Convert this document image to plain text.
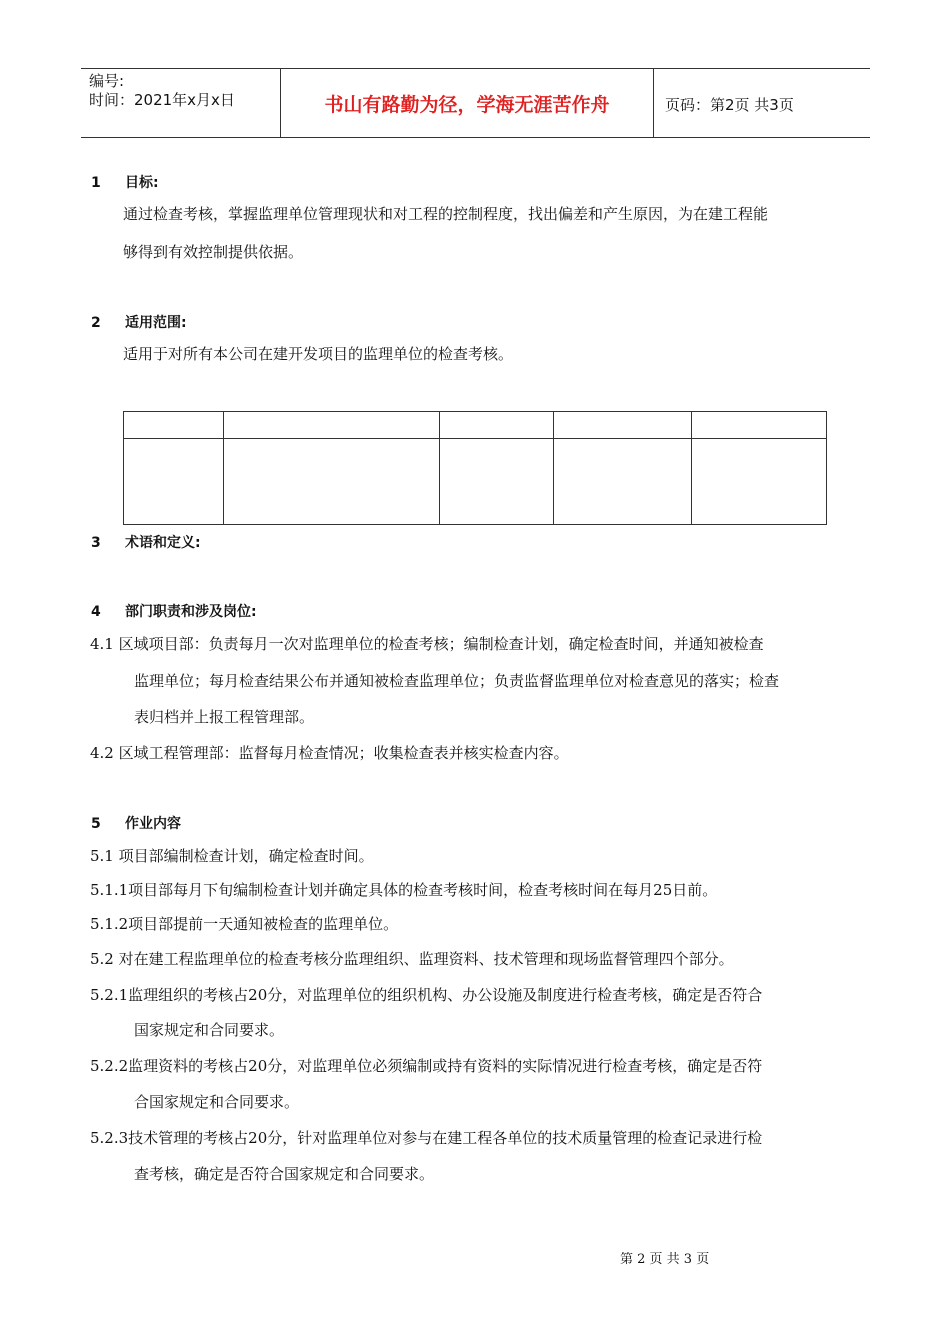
编号:
时间：2021年x月x日	书山有路勤为径，学海无涯苦作舟	页码：第2页 共3页
1 目标:
通过检查考核，掌握监理单位管理现状和对工程的控制程度，找出偏差和产生原因，为在建工程能
够得到有效控制提供依据。
2 适用范围:
适用于对所有本公司在建开发项目的监理单位的检查考核。
3 术语和定义:
4 部门职责和涉及岗位:
4.1 区域项目部：负责每月一次对监理单位的检查考核；编制检查计划，确定检查时间，并通知被检查
监理单位；每月检查结果公布并通知被检查监理单位；负责监督监理单位对检查意见的落实；检查
表归档并上报工程管理部。
4.2 区域工程管理部：监督每月检查情况；收集检查表并核实检查内容。
5 作业内容
5.1 项目部编制检查计划，确定检查时间。
5.1.1项目部每月下旬编制检查计划并确定具体的检查考核时间，检查考核时间在每月25日前。
5.1.2项目部提前一天通知被检查的监理单位。
5.2 对在建工程监理单位的检查考核分监理组织、监理资料、技术管理和现场监督管理四个部分。
5.2.1监理组织的考核占20分，对监理单位的组织机构、办公设施及制度进行检查考核，确定是否符合
国家规定和合同要求。
5.2.2监理资料的考核占20分，对监理单位必须编制或持有资料的实际情况进行检查考核，确定是否符
合国家规定和合同要求。
5.2.3技术管理的考核占20分，针对监理单位对参与在建工程各单位的技术质量管理的检查记录进行检
查考核，确定是否符合国家规定和合同要求。
第 2 页 共 3 页
